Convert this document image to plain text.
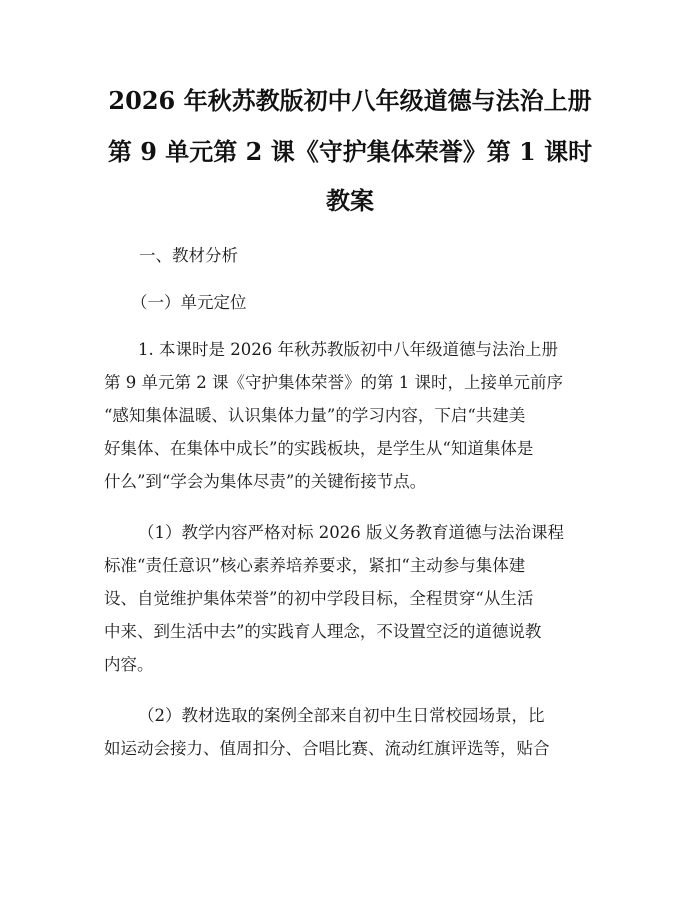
2026 年秋苏教版初中八年级道德与法治上册
第 9 单元第 2 课《守护集体荣誉》第 1 课时
教案
一、教材分析
（一）单元定位
1. 本课时是 2026 年秋苏教版初中八年级道德与法治上册
第 9 单元第 2 课《守护集体荣誉》的第 1 课时，上接单元前序
“感知集体温暖、认识集体力量”的学习内容，下启“共建美
好集体、在集体中成长”的实践板块，是学生从“知道集体是
什么”到“学会为集体尽责”的关键衔接节点。
（1）教学内容严格对标 2026 版义务教育道德与法治课程
标准“责任意识”核心素养培养要求，紧扣“主动参与集体建
设、自觉维护集体荣誉”的初中学段目标，全程贯穿“从生活
中来、到生活中去”的实践育人理念，不设置空泛的道德说教
内容。
（2）教材选取的案例全部来自初中生日常校园场景，比
如运动会接力、值周扣分、合唱比赛、流动红旗评选等，贴合
